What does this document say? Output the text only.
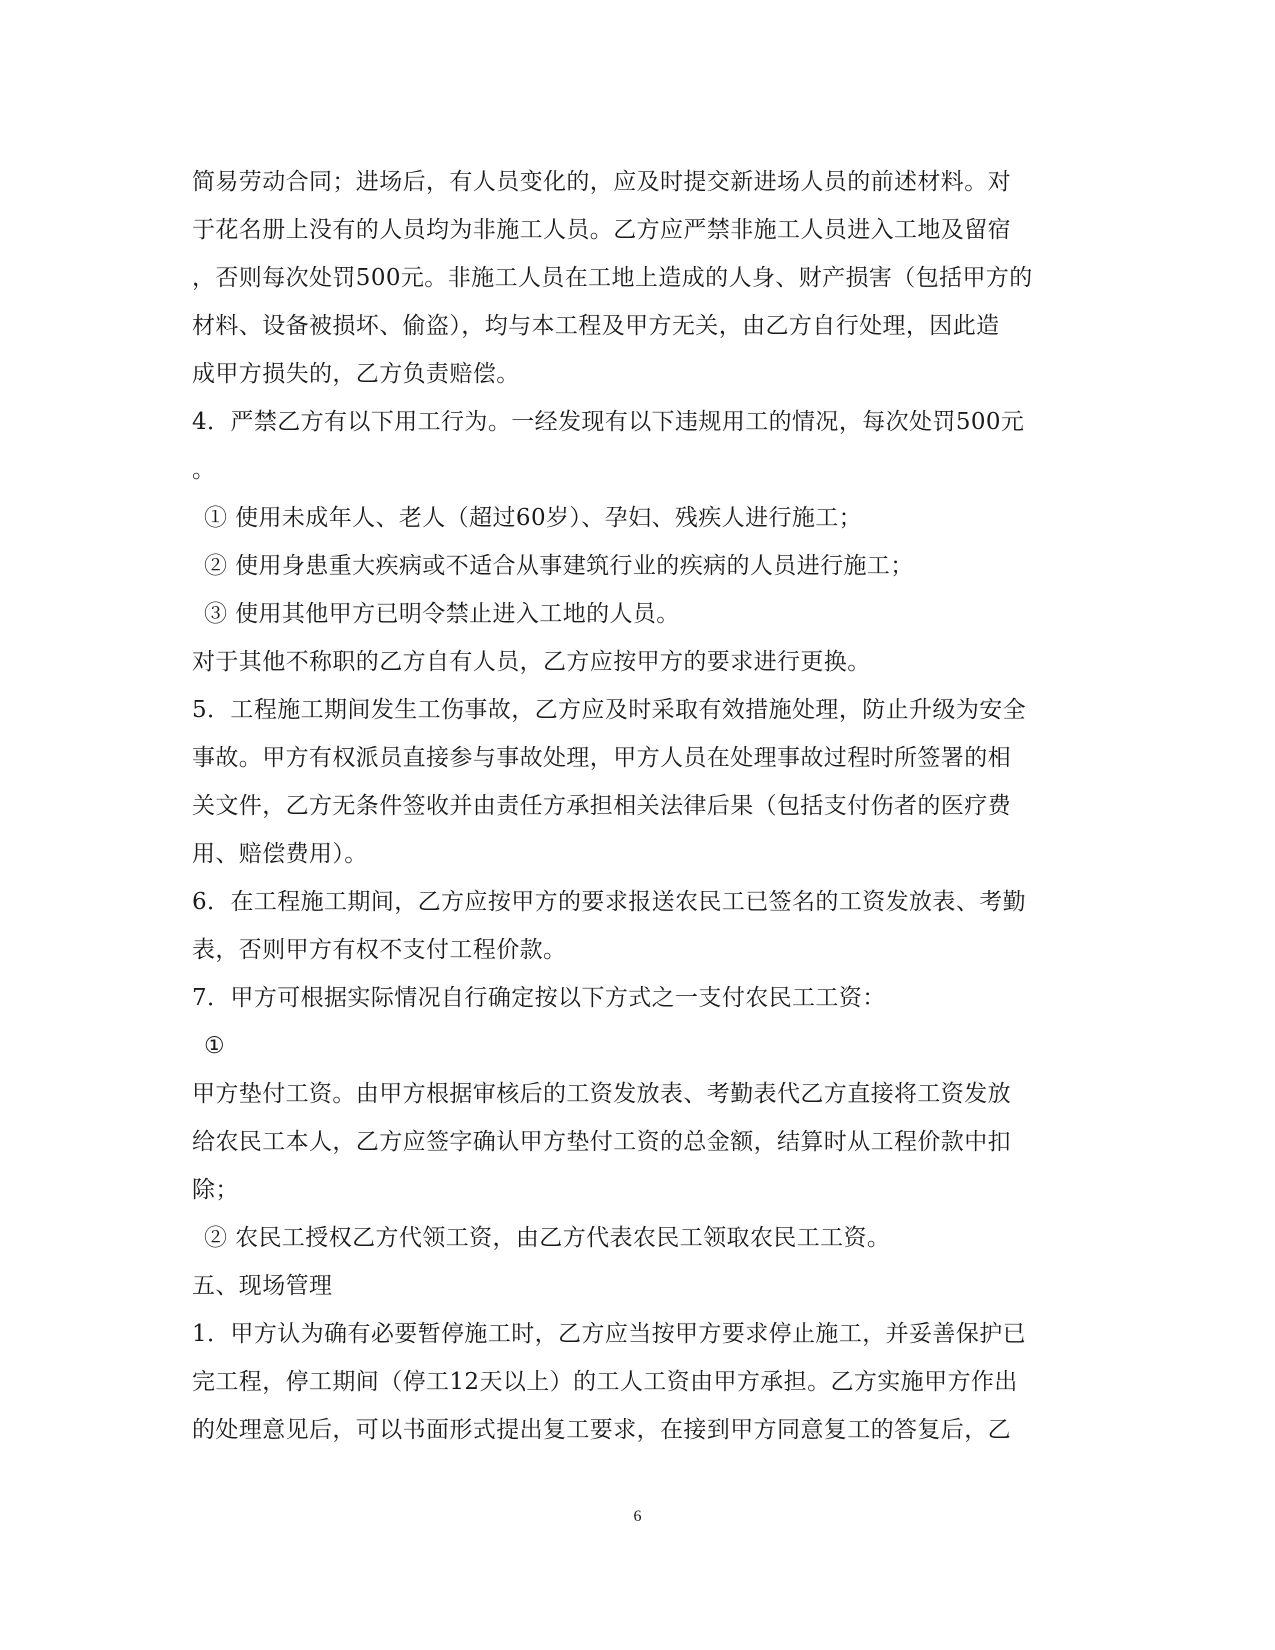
简易劳动合同；进场后，有人员变化的，应及时提交新进场人员的前述材料。对
于花名册上没有的人员均为非施工人员。乙方应严禁非施工人员进入工地及留宿
，否则每次处罚500元。非施工人员在工地上造成的人身、财产损害（包括甲方的
材料、设备被损坏、偷盗），均与本工程及甲方无关，由乙方自行处理，因此造
成甲方损失的，乙方负责赔偿。
4．严禁乙方有以下用工行为。一经发现有以下违规用工的情况，每次处罚500元
。
① 使用未成年人、老人（超过60岁）、孕妇、残疾人进行施工；
② 使用身患重大疾病或不适合从事建筑行业的疾病的人员进行施工；
③ 使用其他甲方已明令禁止进入工地的人员。
对于其他不称职的乙方自有人员，乙方应按甲方的要求进行更换。
5．工程施工期间发生工伤事故，乙方应及时采取有效措施处理，防止升级为安全
事故。甲方有权派员直接参与事故处理，甲方人员在处理事故过程时所签署的相
关文件，乙方无条件签收并由责任方承担相关法律后果（包括支付伤者的医疗费
用、赔偿费用）。
6．在工程施工期间，乙方应按甲方的要求报送农民工已签名的工资发放表、考勤
表，否则甲方有权不支付工程价款。
7．甲方可根据实际情况自行确定按以下方式之一支付农民工工资：
①
甲方垫付工资。由甲方根据审核后的工资发放表、考勤表代乙方直接将工资发放
给农民工本人，乙方应签字确认甲方垫付工资的总金额，结算时从工程价款中扣
除；
② 农民工授权乙方代领工资，由乙方代表农民工领取农民工工资。
五、现场管理
1．甲方认为确有必要暂停施工时，乙方应当按甲方要求停止施工，并妥善保护已
完工程，停工期间（停工12天以上）的工人工资由甲方承担。乙方实施甲方作出
的处理意见后，可以书面形式提出复工要求，在接到甲方同意复工的答复后，乙
6
